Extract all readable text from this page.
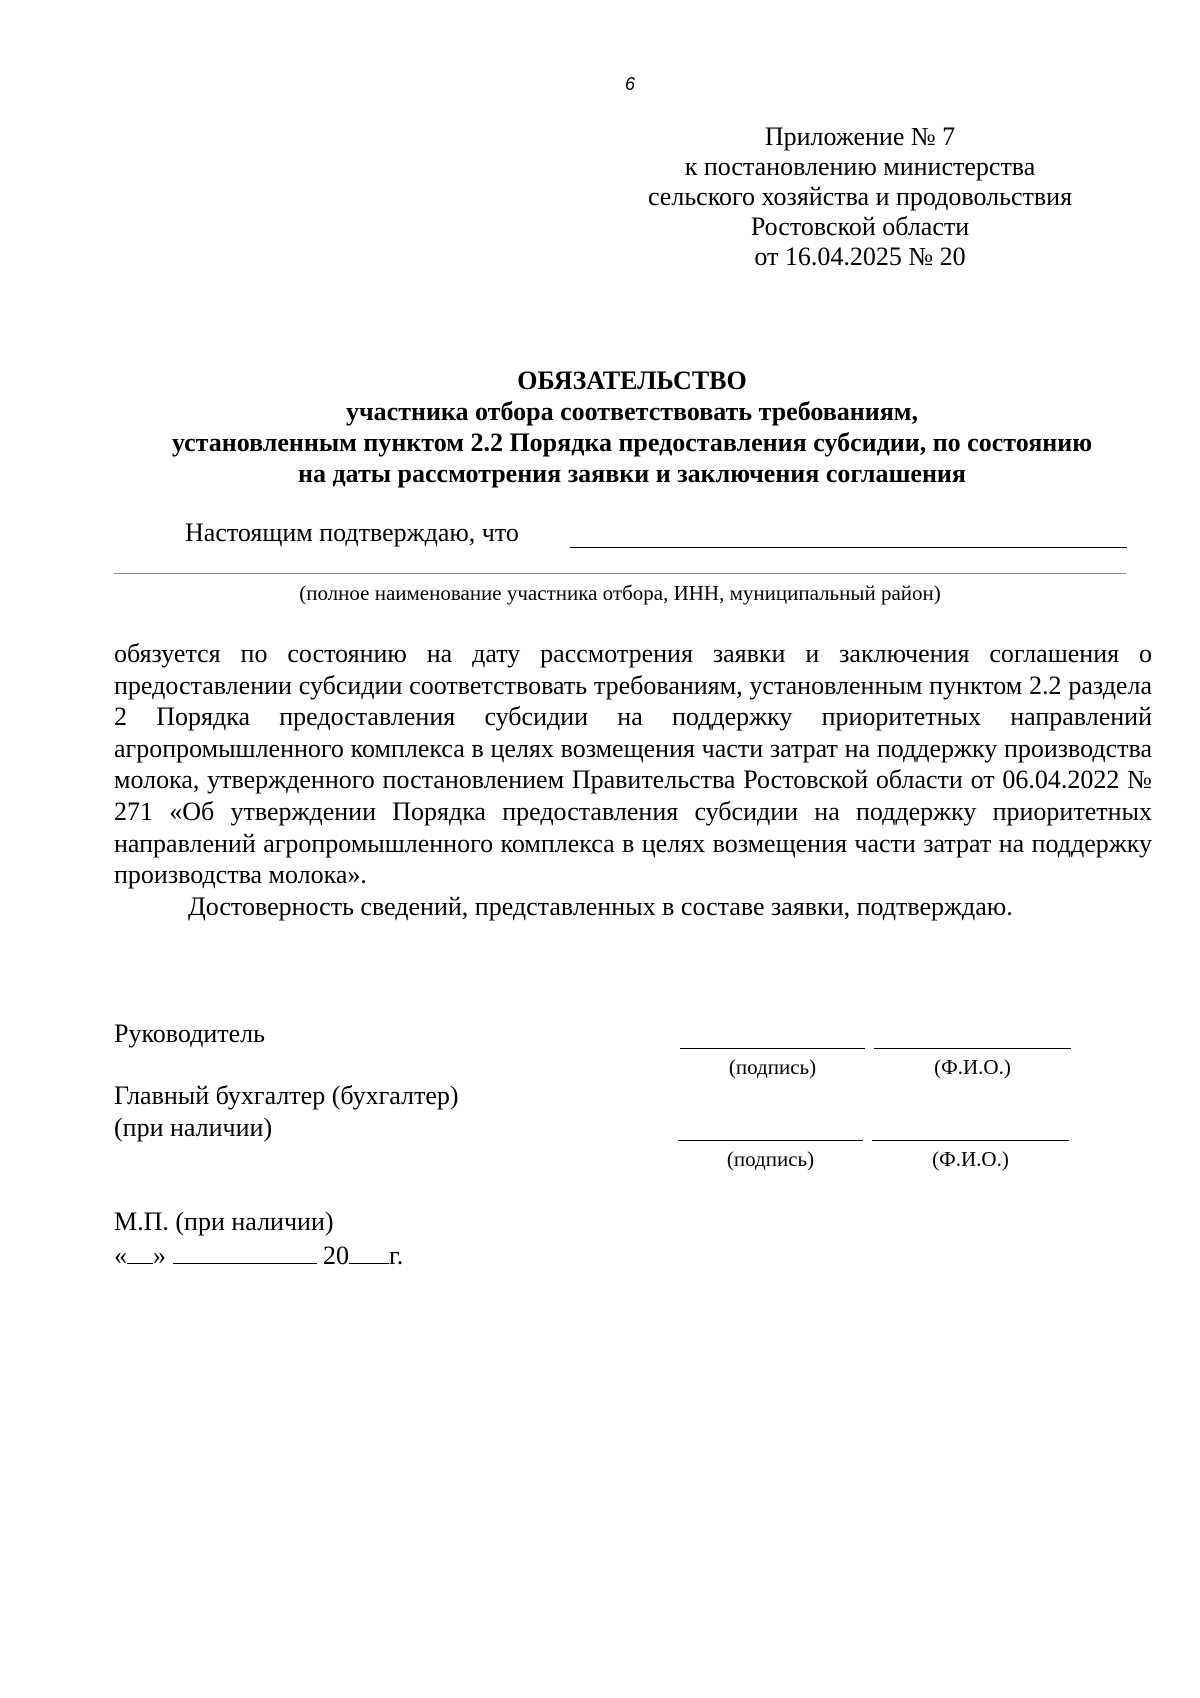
6
Приложение № 7
к постановлению министерства
сельского хозяйства и продовольствия
Ростовской области
от 16.04.2025 № 20
ОБЯЗАТЕЛЬСТВО
участника отбора соответствовать требованиям,
установленным пунктом 2.2 Порядка предоставления субсидии, по состоянию
на даты рассмотрения заявки и заключения соглашения
Настоящим подтверждаю, что
(полное наименование участника отбора, ИНН, муниципальный район)

обязуется по состоянию на дату рассмотрения заявки и заключения соглашения о предоставлении субсидии соответствовать требованиям, установленным пунктом 2.2 раздела 2 Порядка предоставления субсидии на поддержку приоритетных направлений агропромышленного комплекса в целях возмещения части затрат на поддержку производства молока, утвержденного постановлением Правительства Ростовской области от 06.04.2022 № 271 «Об утверждении Порядка предоставления субсидии на поддержку приоритетных направлений агропромышленного комплекса в целях возмещения части затрат на поддержку производства молока».

Достоверность сведений, представленных в составе заявки, подтверждаю.

Руководитель
(подпись)	(Ф.И.О.)
Главный бухгалтер (бухгалтер)
(при наличии)
(подпись)	(Ф.И.О.)
М.П. (при наличии)
« »	20 г.
